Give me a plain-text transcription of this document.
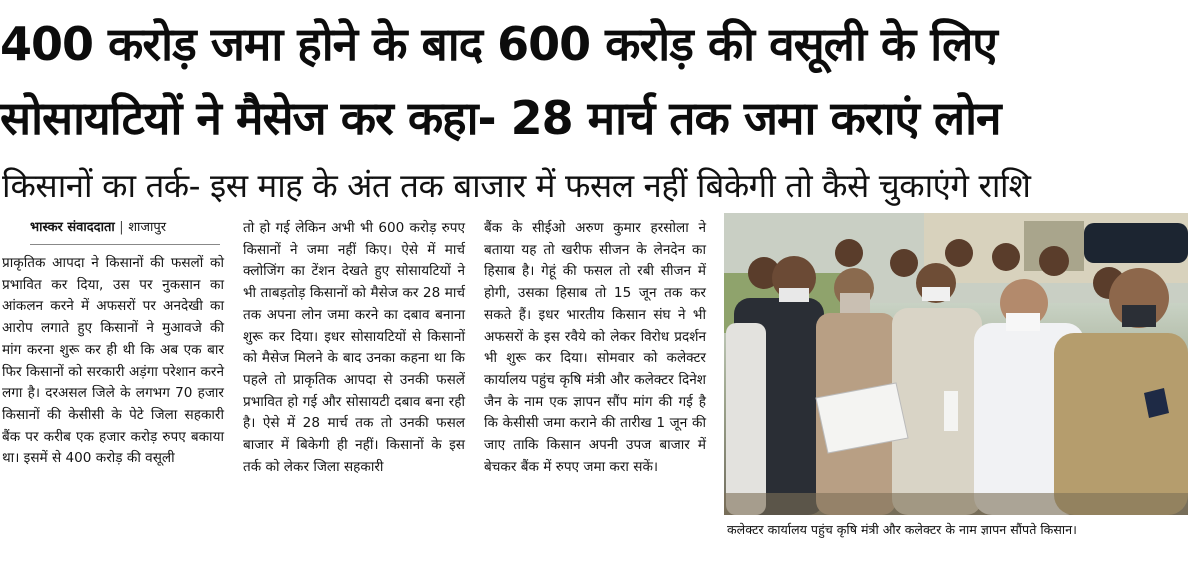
400 करोड़ जमा होने के बाद 600 करोड़ की वसूली के लिए
सोसायटियों ने मैसेज कर कहा- 28 मार्च तक जमा कराएं लोन
किसानों का तर्क- इस माह के अंत तक बाजार में फसल नहीं बिकेगी तो कैसे चुकाएंगे राशि
भास्कर संवाददाता | शाजापुर

प्राकृतिक आपदा ने किसानों की फसलों को प्रभावित कर दिया, उस पर नुकसान का आंकलन करने में अफसरों पर अनदेखी का आरोप लगाते हुए किसानों ने मुआवजे की मांग करना शुरू कर ही थी कि अब एक बार फिर किसानों को सरकारी अड़ंगा परेशान करने लगा है। दरअसल जिले के लगभग 70 हजार किसानों की केसीसी के पेटे जिला सहकारी बैंक पर करीब एक हजार करोड़ रुपए बकाया था। इसमें से 400 करोड़ की वसूली

तो हो गई लेकिन अभी भी 600 करोड़ रुपए किसानों ने जमा नहीं किए। ऐसे में मार्च क्लोजिंग का टेंशन देखते हुए सोसायटियों ने भी ताबड़तोड़ किसानों को मैसेज कर 28 मार्च तक अपना लोन जमा करने का दबाव बनाना शुरू कर दिया। इधर सोसायटियों से किसानों को मैसेज मिलने के बाद उनका कहना था कि पहले तो प्राकृतिक आपदा से उनकी फसलें प्रभावित हो गई और सोसायटी दबाव बना रही है। ऐसे में 28 मार्च तक तो उनकी फसल बाजार में बिकेगी ही नहीं। किसानों के इस तर्क को लेकर जिला सहकारी

बैंक के सीईओ अरुण कुमार हरसोला ने बताया यह तो खरीफ सीजन के लेनदेन का हिसाब है। गेहूं की फसल तो रबी सीजन में होगी, उसका हिसाब तो 15 जून तक कर सकते हैं। इधर भारतीय किसान संघ ने भी अफसरों के इस रवैये को लेकर विरोध प्रदर्शन भी शुरू कर दिया। सोमवार को कलेक्टर कार्यालय पहुंच कृषि मंत्री और कलेक्टर दिनेश जैन के नाम एक ज्ञापन सौंप मांग की गई है कि केसीसी जमा कराने की तारीख 1 जून की जाए ताकि किसान अपनी उपज बाजार में बेचकर बैंक में रुपए जमा करा सकें।

कलेक्टर कार्यालय पहुंच कृषि मंत्री और कलेक्टर के नाम ज्ञापन सौंपते किसान।
